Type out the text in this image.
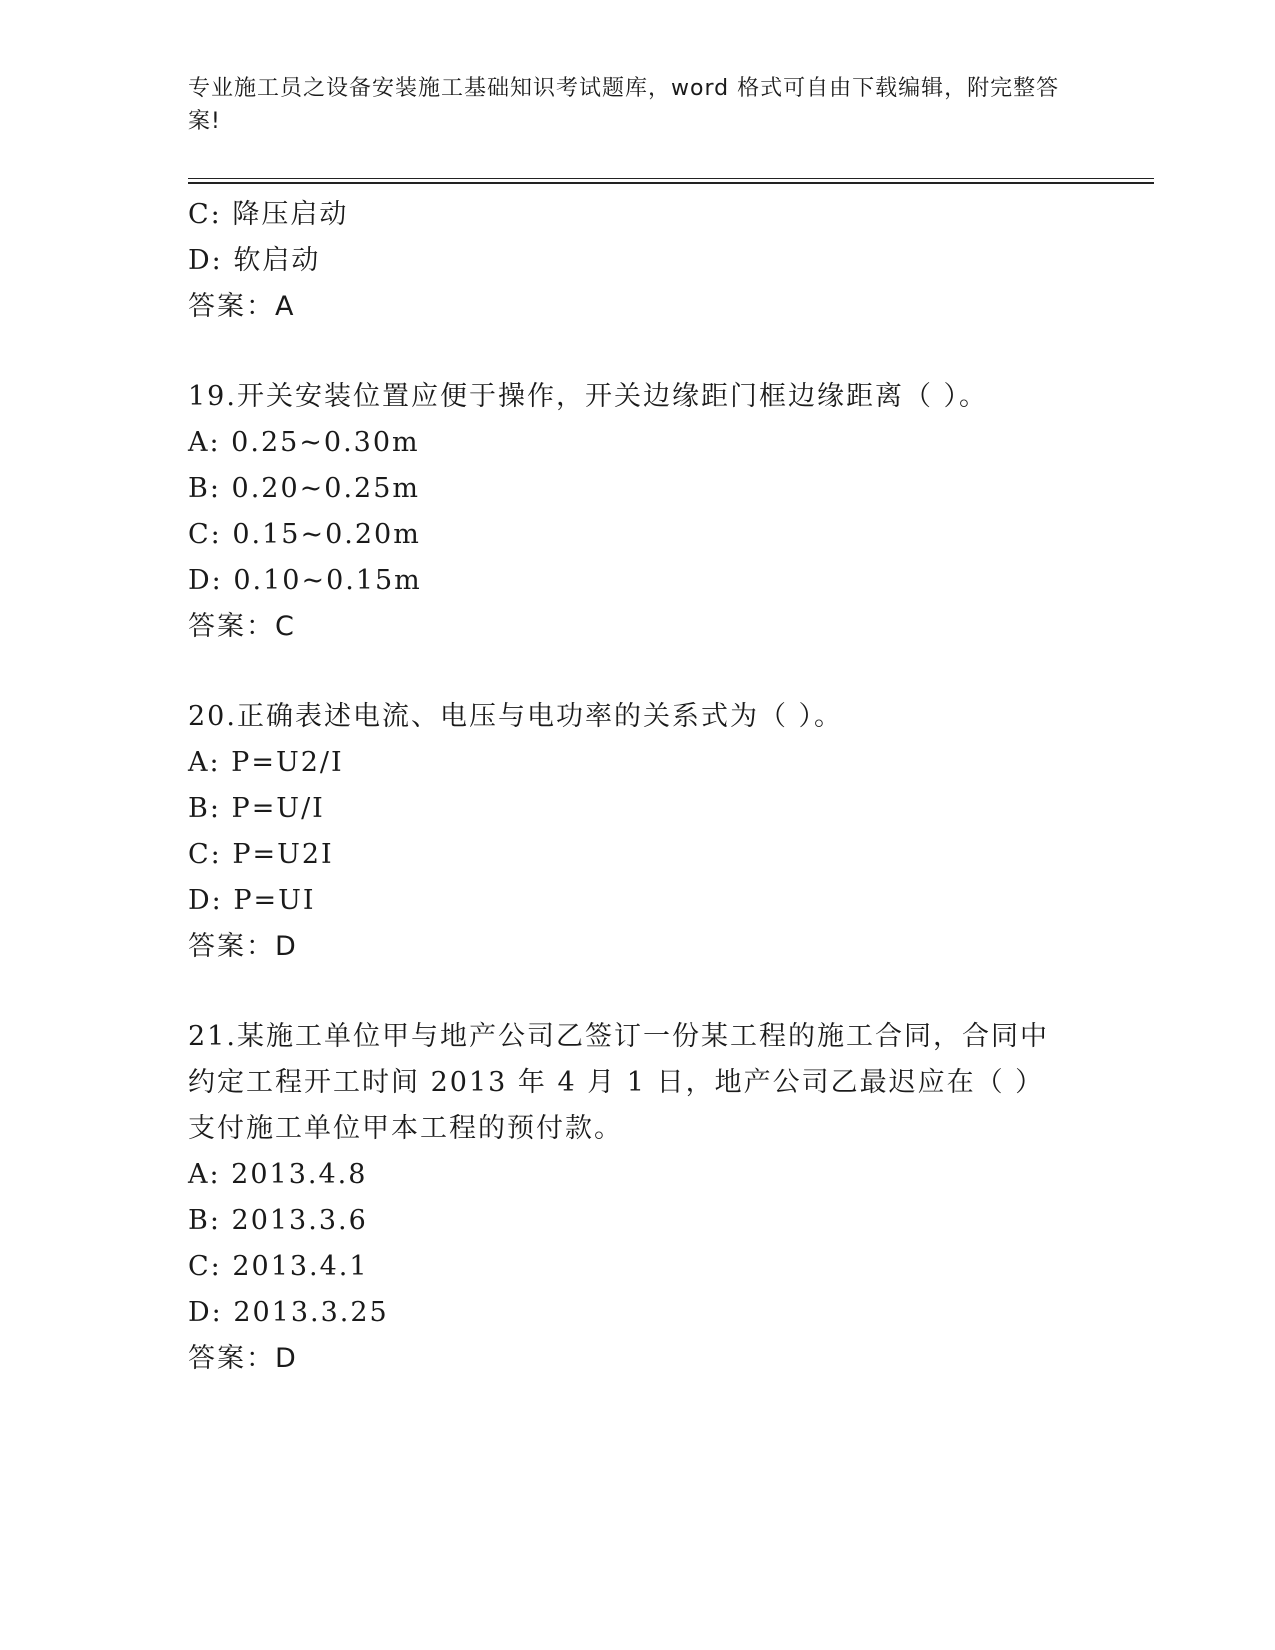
专业施工员之设备安装施工基础知识考试题库，word 格式可自由下载编辑，附完整答案!
C: 降压启动
D: 软启动
答案：A
19.开关安装位置应便于操作，开关边缘距门框边缘距离（ ）。
A: 0.25~0.30m
B: 0.20~0.25m
C: 0.15~0.20m
D: 0.10~0.15m
答案：C
20.正确表述电流、电压与电功率的关系式为（ ）。
A: P=U2/I
B: P=U/I
C: P=U2I
D: P=UI
答案：D
21.某施工单位甲与地产公司乙签订一份某工程的施工合同，合同中约定工程开工时间 2013 年 4 月 1 日，地产公司乙最迟应在（ ）支付施工单位甲本工程的预付款。
A: 2013.4.8
B: 2013.3.6
C: 2013.4.1
D: 2013.3.25
答案：D
